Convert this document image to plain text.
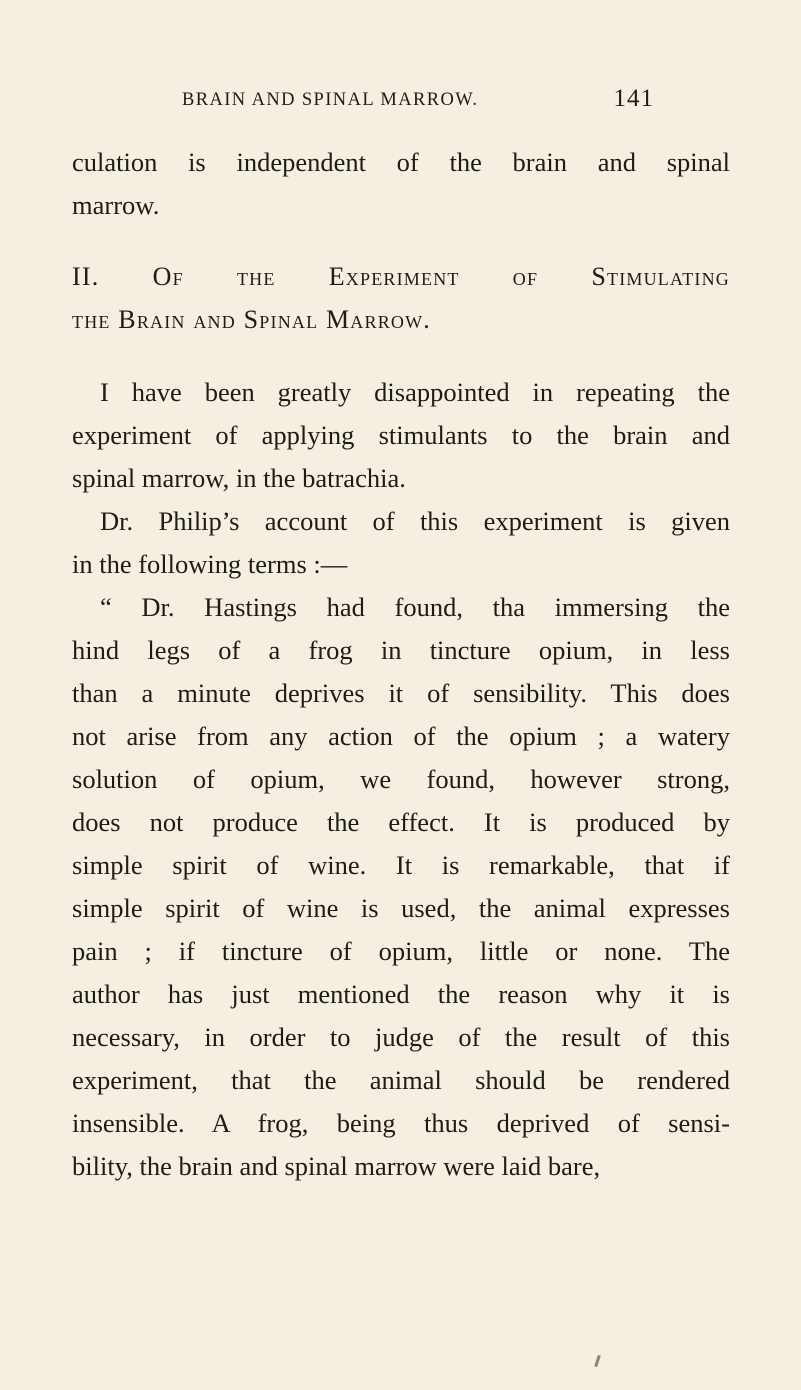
BRAIN AND SPINAL MARROW.	141
culation is independent of the brain and spinal
marrow.
II. Of the Experiment of Stimulating
the Brain and Spinal Marrow.
I have been greatly disappointed in repeating the
experiment of applying stimulants to the brain and
spinal marrow, in the batrachia.
Dr. Philip’s account of this experiment is given
in the following terms :—
“ Dr. Hastings had found, tha immersing the
hind legs of a frog in tincture opium, in less
than a minute deprives it of sensibility. This does
not arise from any action of the opium ; a watery
solution of opium, we found, however strong,
does not produce the effect. It is produced by
simple spirit of wine. It is remarkable, that if
simple spirit of wine is used, the animal expresses
pain ; if tincture of opium, little or none. The
author has just mentioned the reason why it is
necessary, in order to judge of the result of this
experiment, that the animal should be rendered
insensible. A frog, being thus deprived of sensi-
bility, the brain and spinal marrow were laid bare,
